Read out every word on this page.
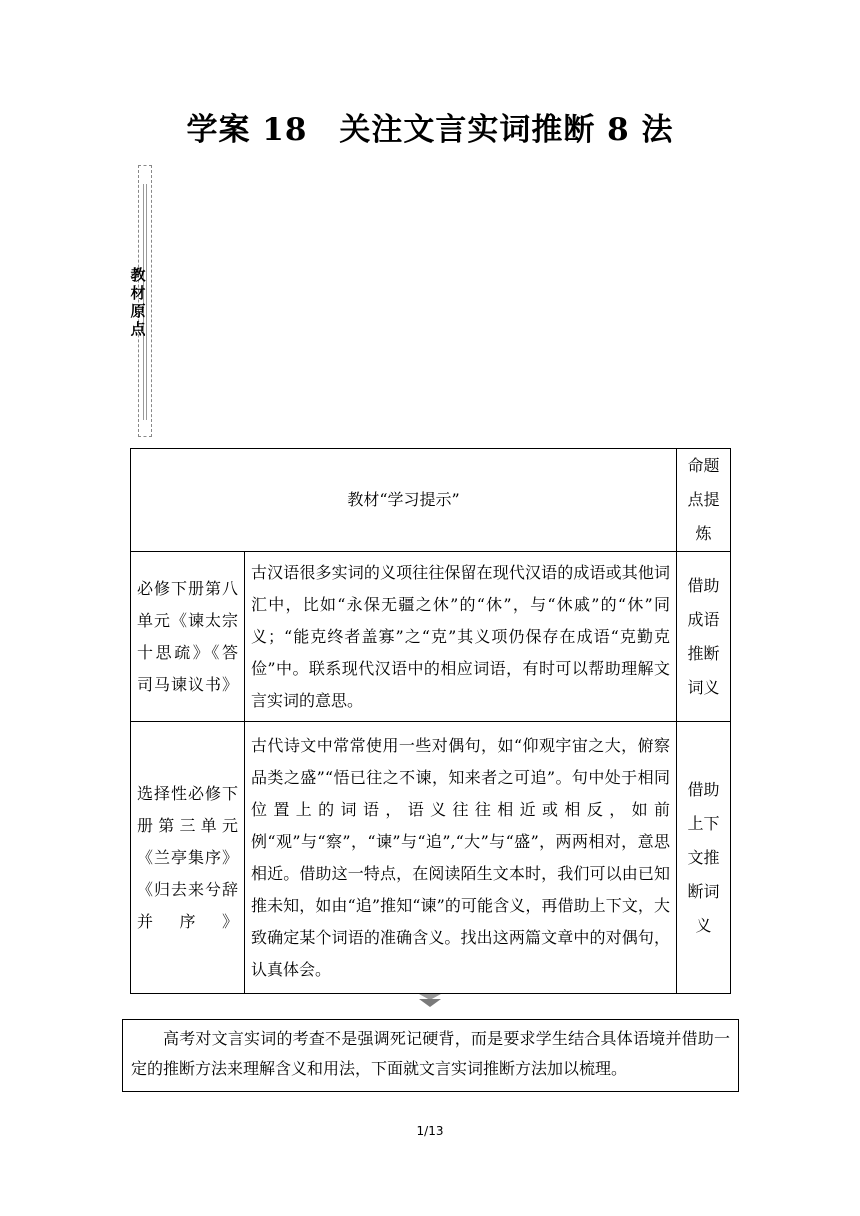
学案 18　关注文言实词推断 8 法
教材原点
教材“学习提示”		命题点提炼
必修下册第八单元《谏太宗十思疏》《答司马谏议书》	古汉语很多实词的义项往往保留在现代汉语的成语或其他词汇中，比如“永保无疆之休”的“休”，与“休戚”的“休”同义；“能克终者盖寡”之“克”其义项仍保存在成语“克勤克俭”中。联系现代汉语中的相应词语，有时可以帮助理解文言实词的意思。	借助成语推断词义
选择性必修下册第三单元《兰亭集序》《归去来兮辞并序》	古代诗文中常常使用一些对偶句，如“仰观宇宙之大，俯察品类之盛”“悟已往之不谏，知来者之可追”。句中处于相同位置上的词语，语义往往相近或相反，如前例“观”与“察”，“谏”与“追”,“大”与“盛”，两两相对，意思相近。借助这一特点，在阅读陌生文本时，我们可以由已知推未知，如由“追”推知“谏”的可能含义，再借助上下文，大致确定某个词语的准确含义。找出这两篇文章中的对偶句，认真体会。	借助上下文推断词义
高考对文言实词的考查不是强调死记硬背，而是要求学生结合具体语境并借助一定的推断方法来理解含义和用法，下面就文言实词推断方法加以梳理。
1/13
